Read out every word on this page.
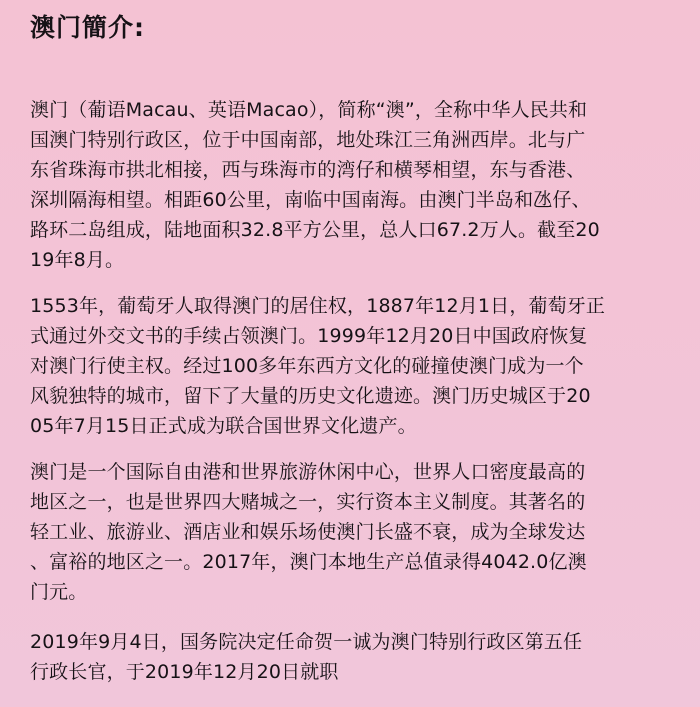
澳门簡介:
澳门（葡语Macau、英语Macao），简称“澳”，全称中华人民共和
国澳门特别行政区，位于中国南部，地处珠江三角洲西岸。北与广
东省珠海市拱北相接，西与珠海市的湾仔和横琴相望，东与香港、
深圳隔海相望。相距60公里，南临中国南海。由澳门半岛和氹仔、
路环二岛组成，陆地面积32.8平方公里，总人口67.2万人。截至20
19年8月。
1553年，葡萄牙人取得澳门的居住权，1887年12月1日，葡萄牙正
式通过外交文书的手续占领澳门。1999年12月20日中国政府恢复
对澳门行使主权。经过100多年东西方文化的碰撞使澳门成为一个
风貌独特的城市，留下了大量的历史文化遗迹。澳门历史城区于20
05年7月15日正式成为联合国世界文化遗产。
澳门是一个国际自由港和世界旅游休闲中心，世界人口密度最高的
地区之一，也是世界四大赌城之一，实行资本主义制度。其著名的
轻工业、旅游业、酒店业和娱乐场使澳门长盛不衰，成为全球发达
、富裕的地区之一。2017年，澳门本地生产总值录得4042.0亿澳
门元。
2019年9月4日，国务院决定任命贺一诚为澳门特别行政区第五任
行政长官，于2019年12月20日就职
